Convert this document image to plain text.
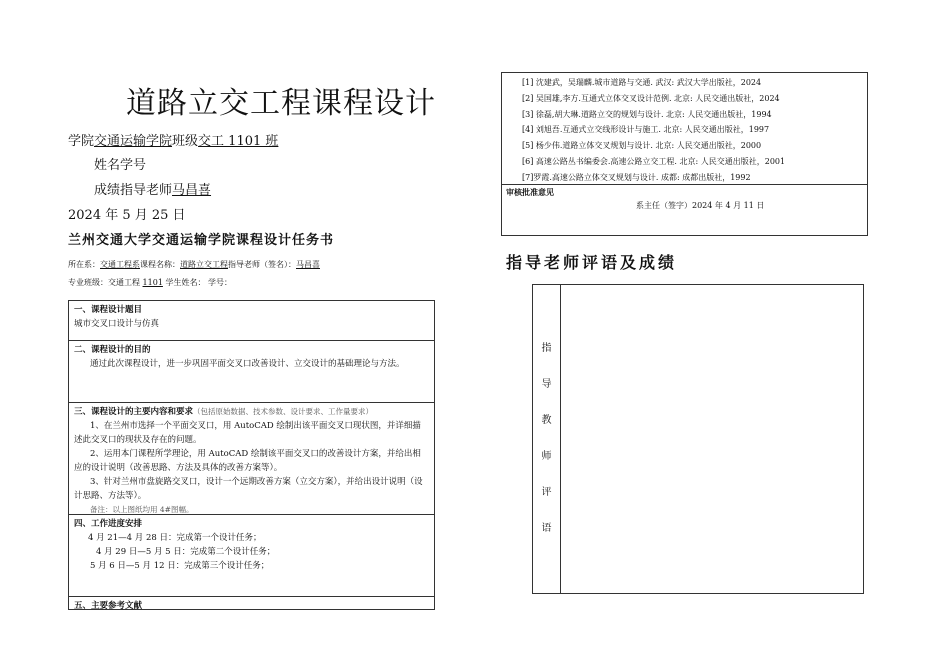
道路立交工程课程设计
学院交通运输学院班级交工 1101 班
姓名学号
成绩指导老师马昌喜
2024 年 5 月 25 日
兰州交通大学交通运输学院课程设计任务书
所在系：交通工程系课程名称：道路立交工程指导老师（签名）：马昌喜
专业班级：交通工程 1101 学生姓名： 学号：

一、课程设计题目

城市交叉口设计与仿真

二、课程设计的目的

通过此次课程设计，进一步巩固平面交叉口改善设计、立交设计的基础理论与方法。

三、课程设计的主要内容和要求（包括原始数据、技术参数、设计要求、工作量要求）

1、在兰州市选择一个平面交叉口，用 AutoCAD 绘制出该平面交叉口现状图，并详细描述此交叉口的现状及存在的问题。

2、运用本门课程所学理论，用 AutoCAD 绘制该平面交叉口的改善设计方案，并给出相应的设计说明（改善思路、方法及具体的改善方案等）。

3、针对兰州市盘旋路交叉口，设计一个远期改善方案（立交方案），并给出设计说明（设计思路、方法等）。

备注：以上图纸均用 4#图幅。

四、工作进度安排

4 月 21—4 月 28 日：完成第一个设计任务；

4 月 29 日—5 月 5 日：完成第二个设计任务；

5 月 6 日—5 月 12 日：完成第三个设计任务；

五、主要参考文献

[1] 沈建武，吴瑞麟.城市道路与交通. 武汉: 武汉大学出版社，2024
[2] 吴国雄,李方.互通式立体交叉设计范例. 北京: 人民交通出版社，2024
[3] 徐磊,胡大琳.道路立交的规划与设计. 北京: 人民交通出版社，1994
[4] 刘旭吾.互通式立交线形设计与施工. 北京: 人民交通出版社，1997
[5] 杨少伟.道路立体交叉规划与设计. 北京: 人民交通出版社，2000
[6] 高速公路丛书编委会.高速公路立交工程. 北京: 人民交通出版社，2001
[7]罗霞.高速公路立体交叉规划与设计. 成都: 成都出版社，1992
审核批准意见
系主任（签字）2024 年 4 月 11 日
指导老师评语及成绩
指
导
教
师
评
语
